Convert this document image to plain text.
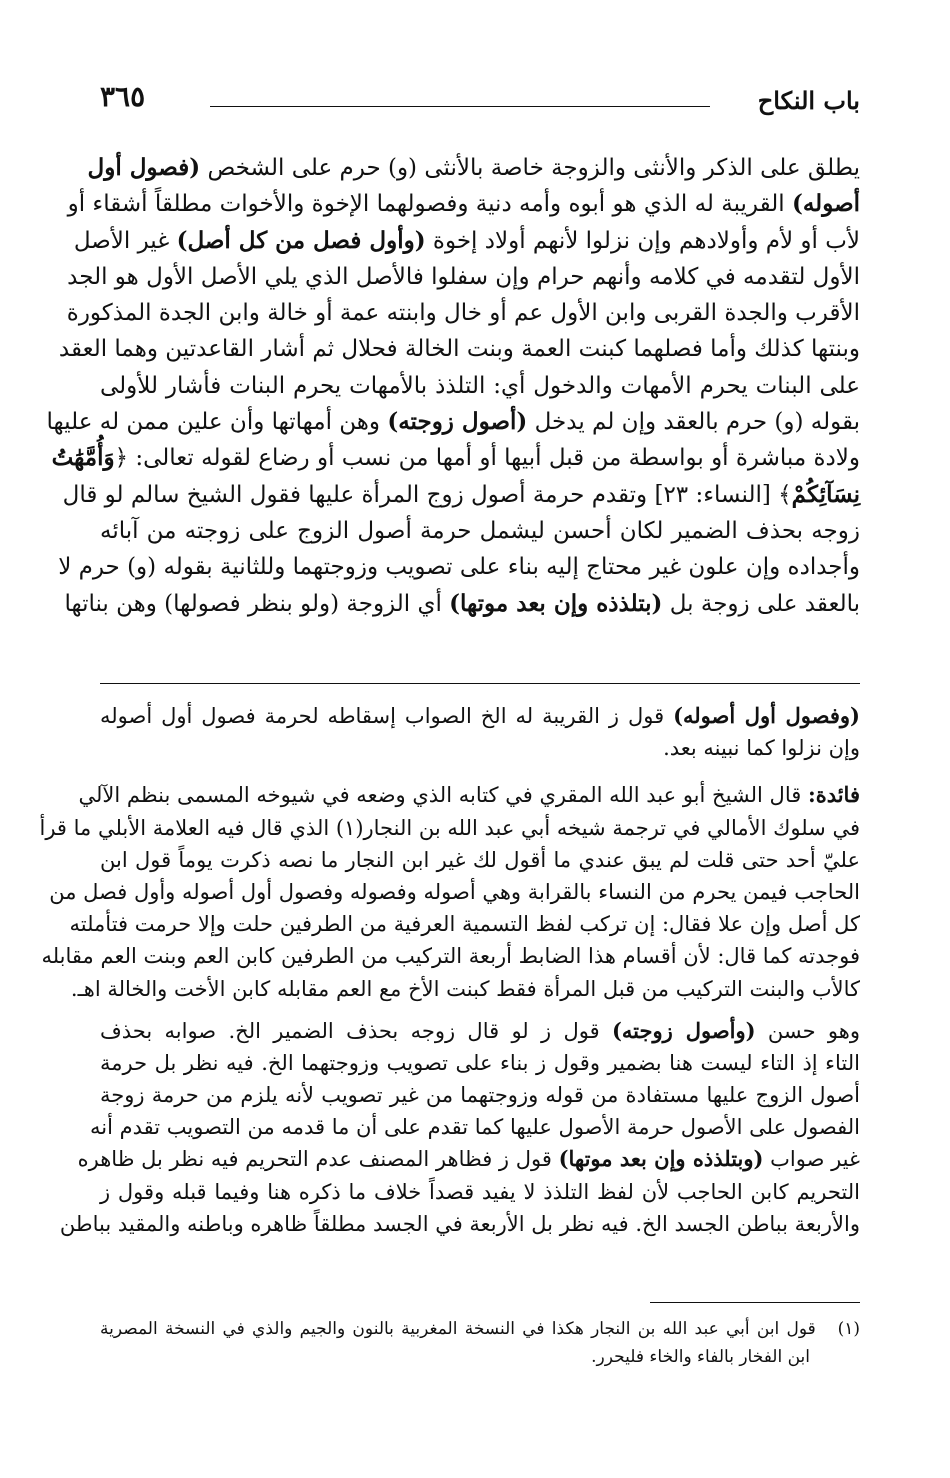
باب النكاح
٣٦٥
يطلق على الذكر والأنثى والزوجة خاصة بالأنثى (و) حرم على الشخص (فصول أول
أصوله) القريبة له الذي هو أبوه وأمه دنية وفصولهما الإخوة والأخوات مطلقاً أشقاء أو
لأب أو لأم وأولادهم وإن نزلوا لأنهم أولاد إخوة (وأول فصل من كل أصل) غير الأصل
الأول لتقدمه في كلامه وأنهم حرام وإن سفلوا فالأصل الذي يلي الأصل الأول هو الجد
الأقرب والجدة القربى وابن الأول عم أو خال وابنته عمة أو خالة وابن الجدة المذكورة
وبنتها كذلك وأما فصلهما كبنت العمة وبنت الخالة فحلال ثم أشار القاعدتين وهما العقد
على البنات يحرم الأمهات والدخول أي: التلذذ بالأمهات يحرم البنات فأشار للأولى
بقوله (و) حرم بالعقد وإن لم يدخل (أصول زوجته) وهن أمهاتها وأن علين ممن له عليها
ولادة مباشرة أو بواسطة من قبل أبيها أو أمها من نسب أو رضاع لقوله تعالى: ﴿وَأُمَّهَٰتُ
نِسَآئِكُمْ﴾ [النساء: ٢٣] وتقدم حرمة أصول زوج المرأة عليها فقول الشيخ سالم لو قال
زوجه بحذف الضمير لكان أحسن ليشمل حرمة أصول الزوج على زوجته من آبائه
وأجداده وإن علون غير محتاج إليه بناء على تصويب وزوجتهما وللثانية بقوله (و) حرم لا
بالعقد على زوجة بل (بتلذذه وإن بعد موتها) أي الزوجة (ولو بنظر فصولها) وهن بناتها

(وفصول أول أصوله) قول ز القريبة له الخ الصواب إسقاطه لحرمة فصول أول أصوله
وإن نزلوا كما نبينه بعد.

فائدة: قال الشيخ أبو عبد الله المقري في كتابه الذي وضعه في شيوخه المسمى بنظم الآلي
في سلوك الأمالي في ترجمة شيخه أبي عبد الله بن النجار(١) الذي قال فيه العلامة الأبلي ما قرأ
عليّ أحد حتى قلت لم يبق عندي ما أقول لك غير ابن النجار ما نصه ذكرت يوماً قول ابن
الحاجب فيمن يحرم من النساء بالقرابة وهي أصوله وفصوله وفصول أول أصوله وأول فصل من
كل أصل وإن علا فقال: إن تركب لفظ التسمية العرفية من الطرفين حلت وإلا حرمت فتأملته
فوجدته كما قال: لأن أقسام هذا الضابط أربعة التركيب من الطرفين كابن العم وبنت العم مقابله
كالأب والبنت التركيب من قبل المرأة فقط كبنت الأخ مع العم مقابله كابن الأخت والخالة اهـ.

وهو حسن (وأصول زوجته) قول ز لو قال زوجه بحذف الضمير الخ. صوابه بحذف
التاء إذ التاء ليست هنا بضمير وقول ز بناء على تصويب وزوجتهما الخ. فيه نظر بل حرمة
أصول الزوج عليها مستفادة من قوله وزوجتهما من غير تصويب لأنه يلزم من حرمة زوجة
الفصول على الأصول حرمة الأصول عليها كما تقدم على أن ما قدمه من التصويب تقدم أنه
غير صواب (وبتلذذه وإن بعد موتها) قول ز فظاهر المصنف عدم التحريم فيه نظر بل ظاهره
التحريم كابن الحاجب لأن لفظ التلذذ لا يفيد قصداً خلاف ما ذكره هنا وفيما قبله وقول ز
والأربعة بباطن الجسد الخ. فيه نظر بل الأربعة في الجسد مطلقاً ظاهره وباطنه والمقيد بباطن

(١)   قول ابن أبي عبد الله بن النجار هكذا في النسخة المغربية بالنون والجيم والذي في النسخة المصرية
ابن الفخار بالفاء والخاء فليحرر.
